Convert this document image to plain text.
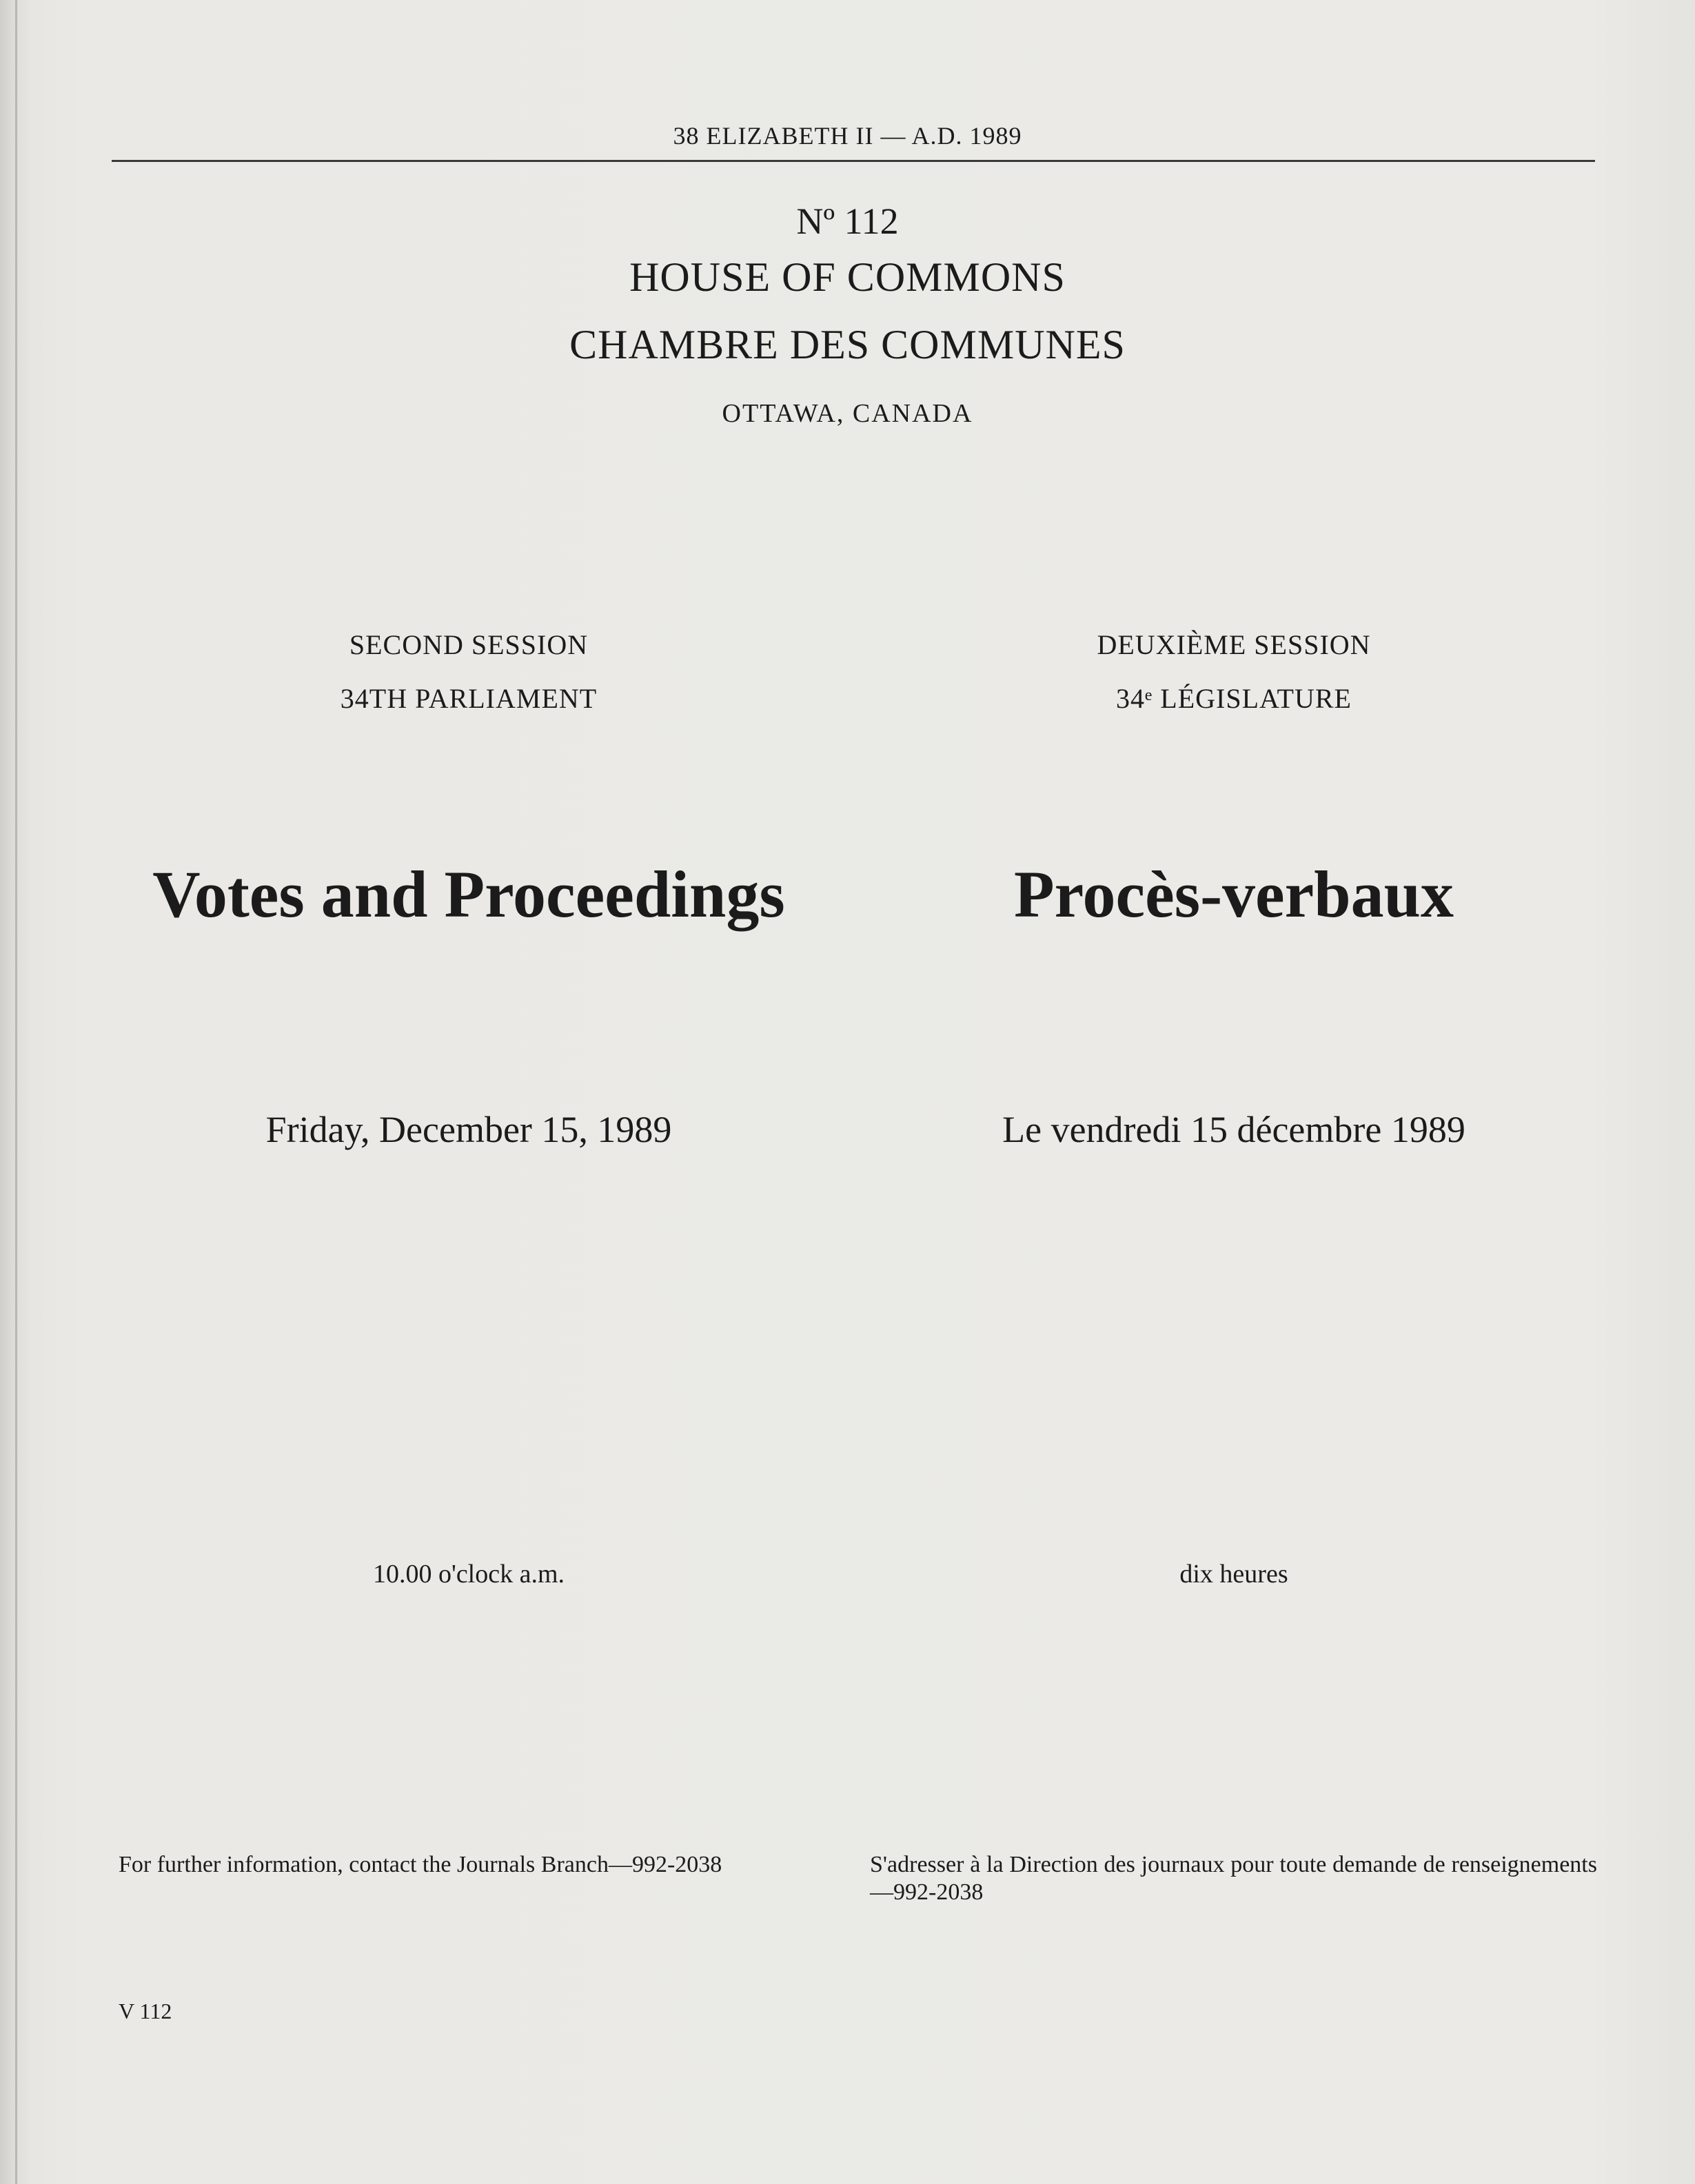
38 ELIZABETH II — A.D. 1989
Nº 112
HOUSE OF COMMONS
CHAMBRE DES COMMUNES
OTTAWA, CANADA
SECOND SESSION
34TH PARLIAMENT
DEUXIÈME SESSION
34ᵉ LÉGISLATURE
Votes and Proceedings	Procès-verbaux
Friday, December 15, 1989	Le vendredi 15 décembre 1989
10.00 o'clock a.m.	dix heures
For further information, contact the Journals Branch—992-2038	S'adresser à la Direction des journaux pour toute demande de renseignements—992-2038
V 112
